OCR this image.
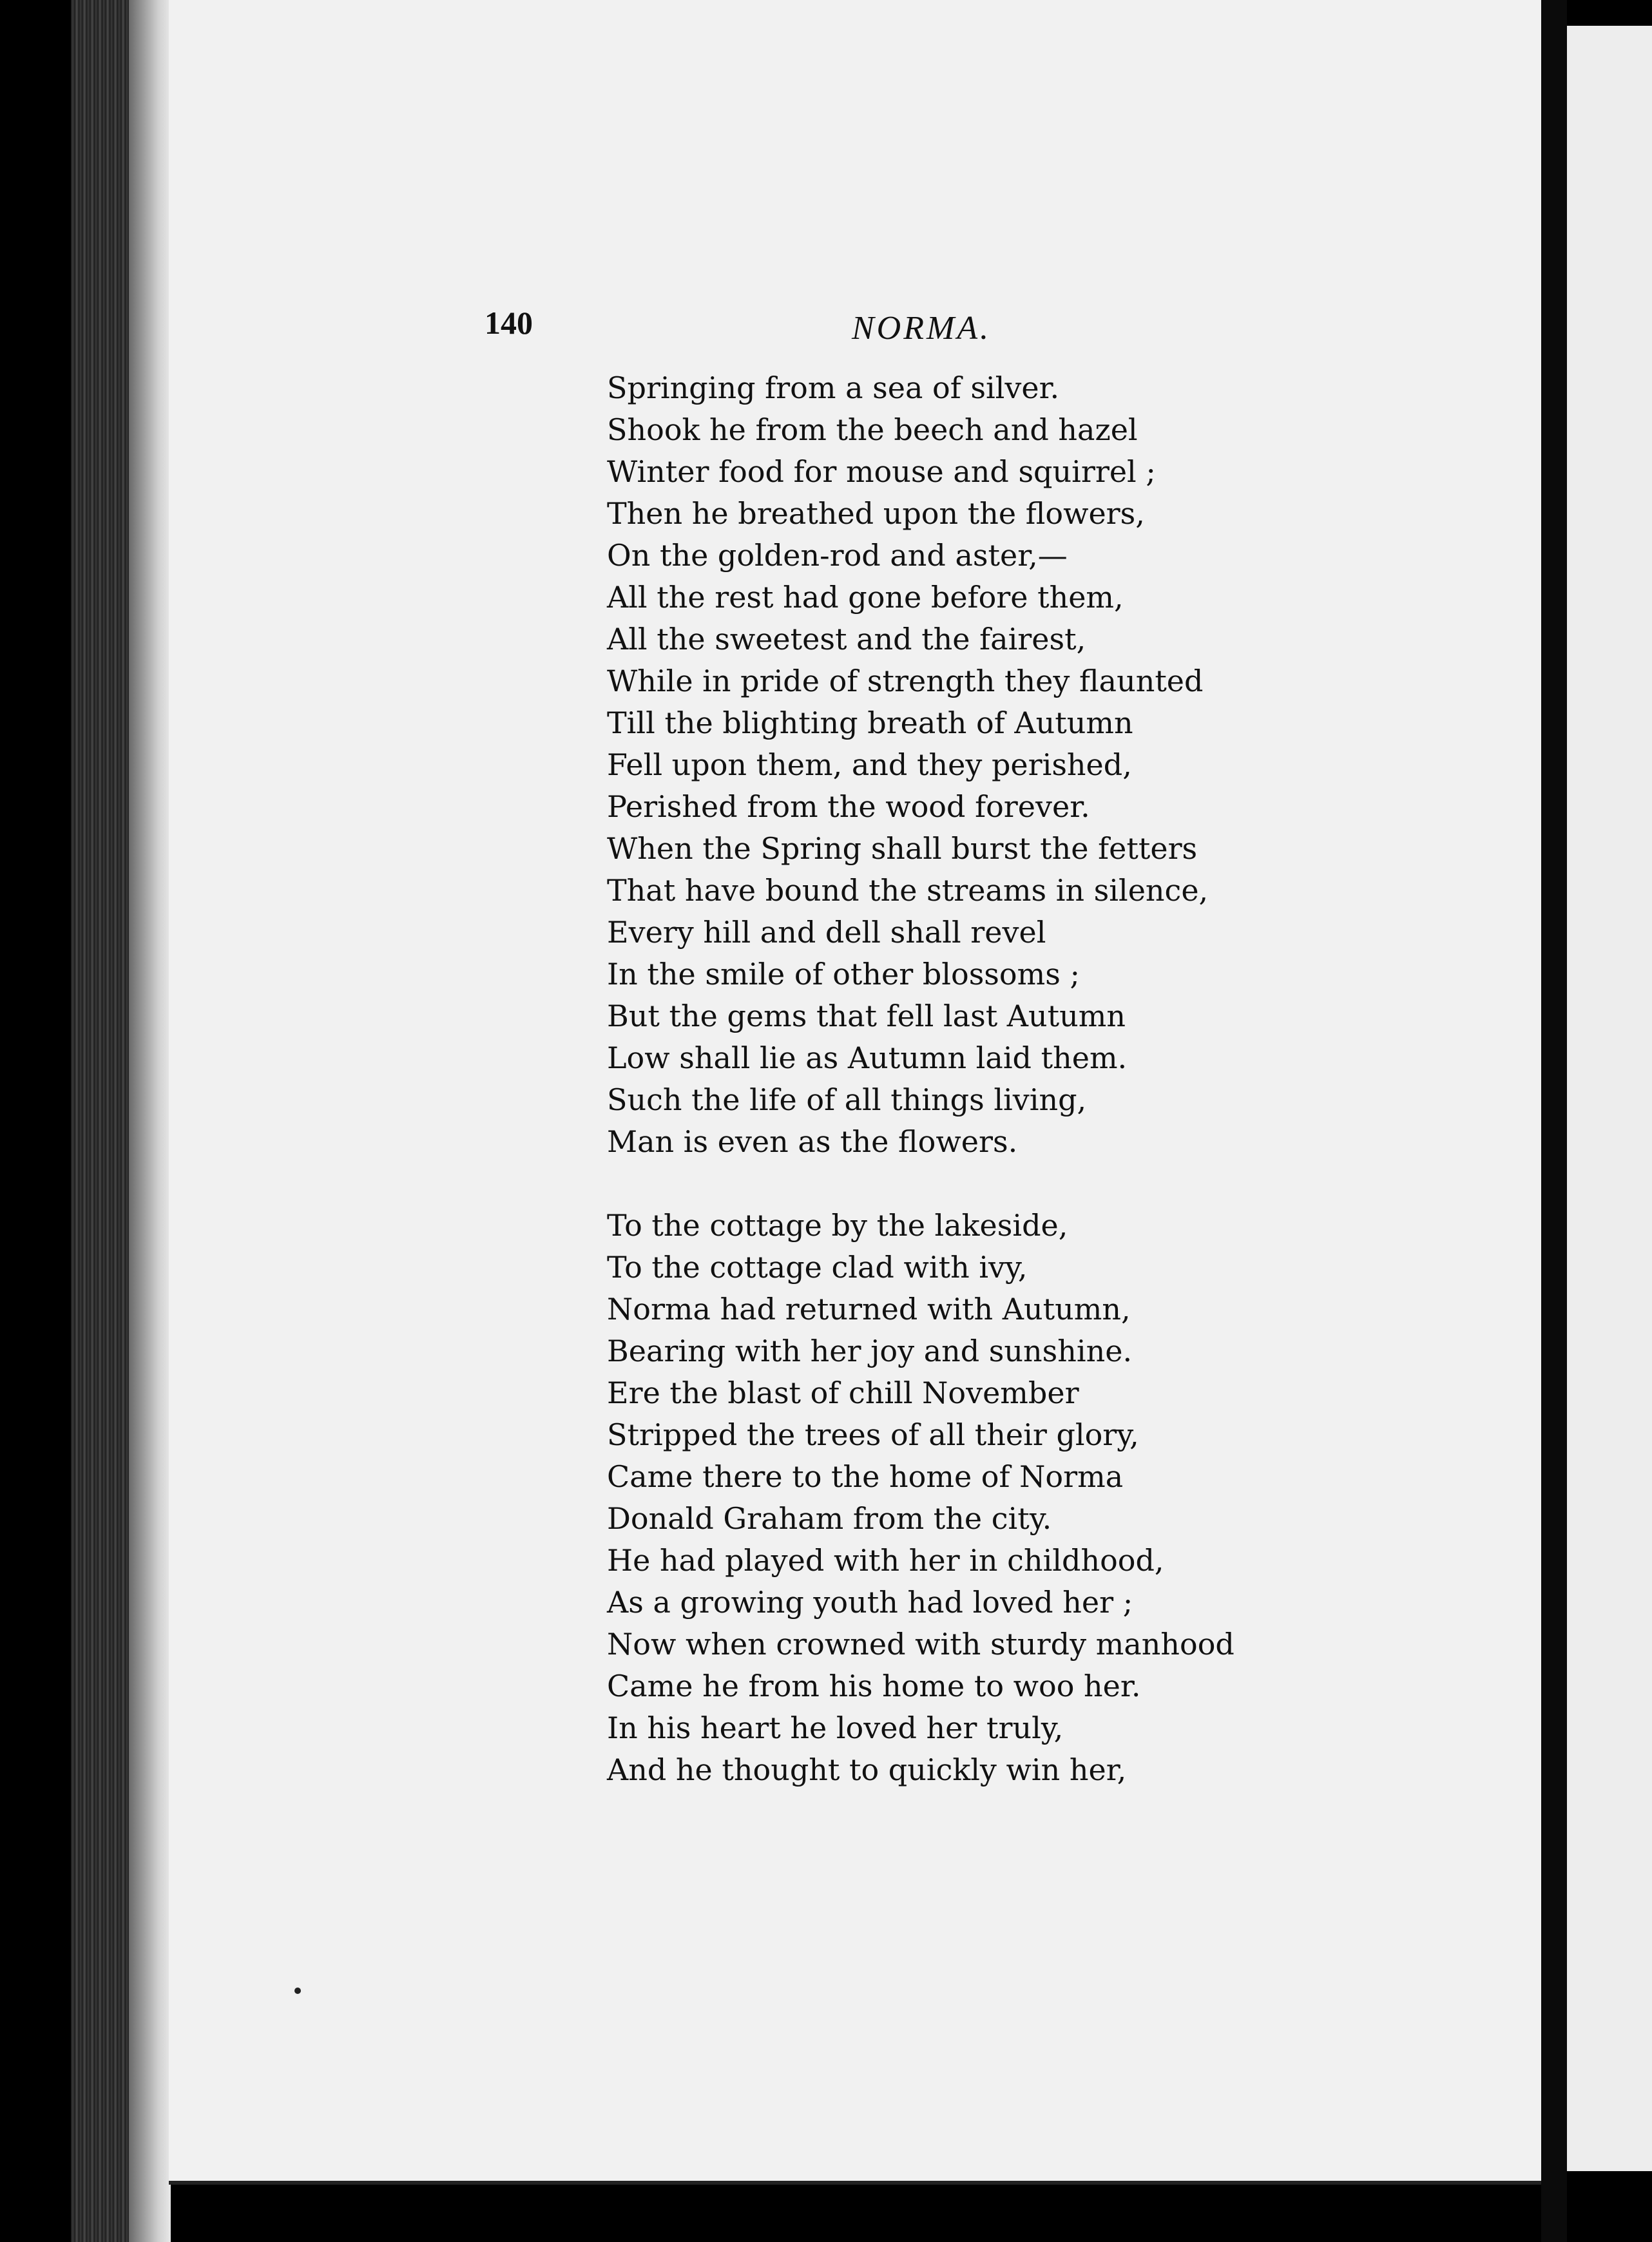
140	NORMA.
Springing from a sea of silver.
Shook he from the beech and hazel
Winter food for mouse and squirrel ;
Then he breathed upon the flowers,
On the golden-rod and aster,—
All the rest had gone before them,
All the sweetest and the fairest,
While in pride of strength they flaunted
Till the blighting breath of Autumn
Fell upon them, and they perished,
Perished from the wood forever.
When the Spring shall burst the fetters
That have bound the streams in silence,
Every hill and dell shall revel
In the smile of other blossoms ;
But the gems that fell last Autumn
Low shall lie as Autumn laid them.
Such the life of all things living,
Man is even as the flowers.
To the cottage by the lakeside,
To the cottage clad with ivy,
Norma had returned with Autumn,
Bearing with her joy and sunshine.
Ere the blast of chill November
Stripped the trees of all their glory,
Came there to the home of Norma
Donald Graham from the city.
He had played with her in childhood,
As a growing youth had loved her ;
Now when crowned with sturdy manhood
Came he from his home to woo her.
In his heart he loved her truly,
And he thought to quickly win her,
